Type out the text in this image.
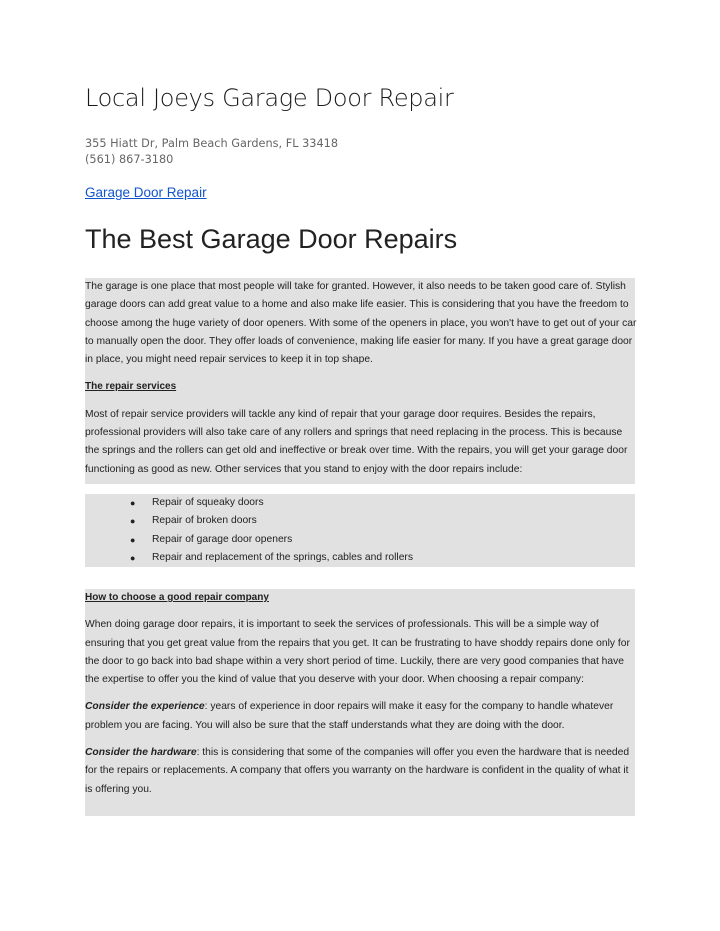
Local Joeys Garage Door Repair
355 Hiatt Dr, Palm Beach Gardens, FL 33418
(561) 867-3180
Garage Door Repair
The Best Garage Door Repairs

The garage is one place that most people will take for granted. However, it also needs to be taken good care of. Stylish garage doors can add great value to a home and also make life easier. This is considering that you have the freedom to choose among the huge variety of door openers. With some of the openers in place, you won't have to get out of your car to manually open the door. They offer loads of convenience, making life easier for many. If you have a great garage door in place, you might need repair services to keep it in top shape.

The repair services

Most of repair service providers will tackle any kind of repair that your garage door requires. Besides the repairs, professional providers will also take care of any rollers and springs that need replacing in the process. This is because the springs and the rollers can get old and ineffective or break over time. With the repairs, you will get your garage door functioning as good as new. Other services that you stand to enjoy with the door repairs include:

● Repair of squeaky doors
● Repair of broken doors
● Repair of garage door openers
● Repair and replacement of the springs, cables and rollers

How to choose a good repair company

When doing garage door repairs, it is important to seek the services of professionals. This will be a simple way of ensuring that you get great value from the repairs that you get. It can be frustrating to have shoddy repairs done only for the door to go back into bad shape within a very short period of time. Luckily, there are very good companies that have the expertise to offer you the kind of value that you deserve with your door. When choosing a repair company:

Consider the experience: years of experience in door repairs will make it easy for the company to handle whatever problem you are facing. You will also be sure that the staff understands what they are doing with the door.

Consider the hardware: this is considering that some of the companies will offer you even the hardware that is needed for the repairs or replacements. A company that offers you warranty on the hardware is confident in the quality of what it is offering you.
